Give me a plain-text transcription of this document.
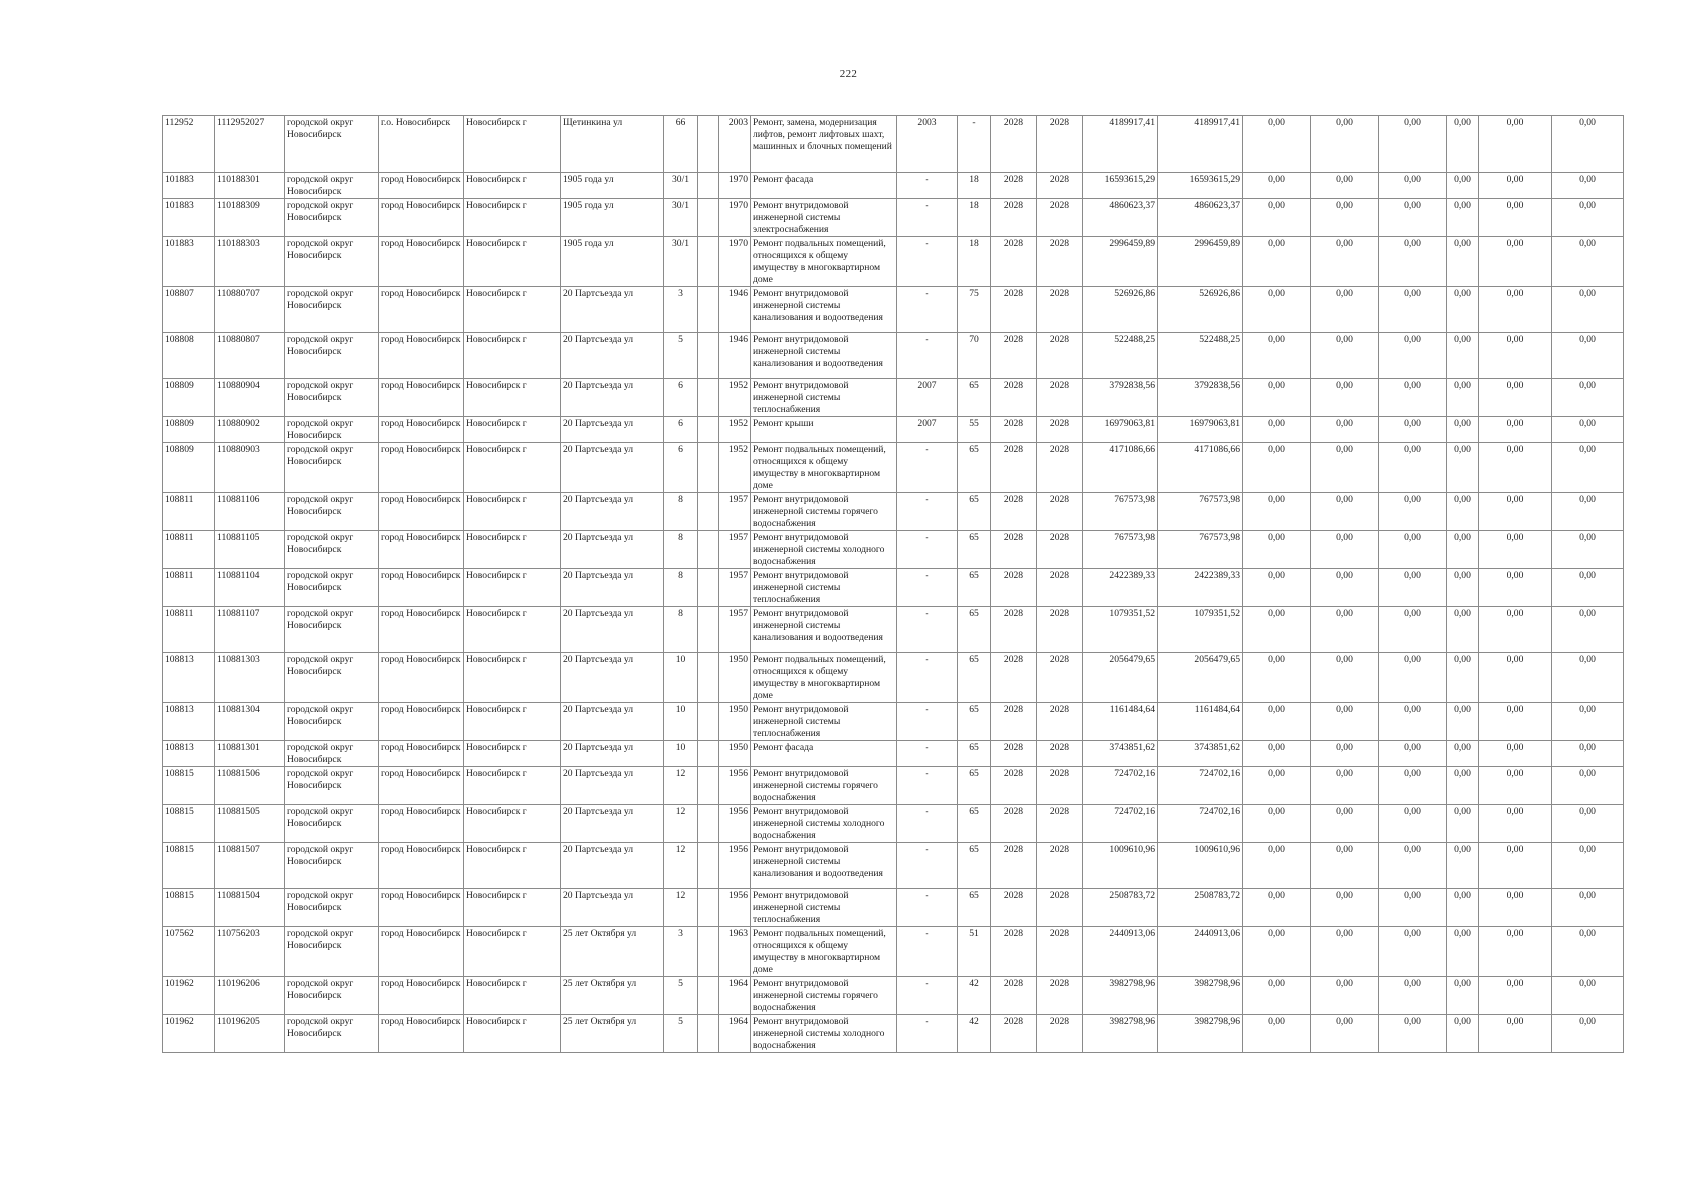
222
112952	1112952027	городской округ Новосибирск	г.о. Новосибирск	Новосибирск г	Щетинкина ул	66		2003	Ремонт, замена, модернизация лифтов, ремонт лифтовых шахт, машинных и блочных помещений	2003	-	2028	2028	4189917,41	4189917,41	0,00	0,00	0,00	0,00	0,00	0,00
101883	110188301	городской округ Новосибирск	город Новосибирск	Новосибирск г	1905 года ул	30/1		1970	Ремонт фасада	-	18	2028	2028	16593615,29	16593615,29	0,00	0,00	0,00	0,00	0,00	0,00
101883	110188309	городской округ Новосибирск	город Новосибирск	Новосибирск г	1905 года ул	30/1		1970	Ремонт внутридомовой инженерной системы электроснабжения	-	18	2028	2028	4860623,37	4860623,37	0,00	0,00	0,00	0,00	0,00	0,00
101883	110188303	городской округ Новосибирск	город Новосибирск	Новосибирск г	1905 года ул	30/1		1970	Ремонт подвальных помещений, относящихся к общему имуществу в многоквартирном доме	-	18	2028	2028	2996459,89	2996459,89	0,00	0,00	0,00	0,00	0,00	0,00
108807	110880707	городской округ Новосибирск	город Новосибирск	Новосибирск г	20 Партсъезда ул	3		1946	Ремонт внутридомовой инженерной системы канализования и водоотведения	-	75	2028	2028	526926,86	526926,86	0,00	0,00	0,00	0,00	0,00	0,00
108808	110880807	городской округ Новосибирск	город Новосибирск	Новосибирск г	20 Партсъезда ул	5		1946	Ремонт внутридомовой инженерной системы канализования и водоотведения	-	70	2028	2028	522488,25	522488,25	0,00	0,00	0,00	0,00	0,00	0,00
108809	110880904	городской округ Новосибирск	город Новосибирск	Новосибирск г	20 Партсъезда ул	6		1952	Ремонт внутридомовой инженерной системы теплоснабжения	2007	65	2028	2028	3792838,56	3792838,56	0,00	0,00	0,00	0,00	0,00	0,00
108809	110880902	городской округ Новосибирск	город Новосибирск	Новосибирск г	20 Партсъезда ул	6		1952	Ремонт крыши	2007	55	2028	2028	16979063,81	16979063,81	0,00	0,00	0,00	0,00	0,00	0,00
108809	110880903	городской округ Новосибирск	город Новосибирск	Новосибирск г	20 Партсъезда ул	6		1952	Ремонт подвальных помещений, относящихся к общему имуществу в многоквартирном доме	-	65	2028	2028	4171086,66	4171086,66	0,00	0,00	0,00	0,00	0,00	0,00
108811	110881106	городской округ Новосибирск	город Новосибирск	Новосибирск г	20 Партсъезда ул	8		1957	Ремонт внутридомовой инженерной системы горячего водоснабжения	-	65	2028	2028	767573,98	767573,98	0,00	0,00	0,00	0,00	0,00	0,00
108811	110881105	городской округ Новосибирск	город Новосибирск	Новосибирск г	20 Партсъезда ул	8		1957	Ремонт внутридомовой инженерной системы холодного водоснабжения	-	65	2028	2028	767573,98	767573,98	0,00	0,00	0,00	0,00	0,00	0,00
108811	110881104	городской округ Новосибирск	город Новосибирск	Новосибирск г	20 Партсъезда ул	8		1957	Ремонт внутридомовой инженерной системы теплоснабжения	-	65	2028	2028	2422389,33	2422389,33	0,00	0,00	0,00	0,00	0,00	0,00
108811	110881107	городской округ Новосибирск	город Новосибирск	Новосибирск г	20 Партсъезда ул	8		1957	Ремонт внутридомовой инженерной системы канализования и водоотведения	-	65	2028	2028	1079351,52	1079351,52	0,00	0,00	0,00	0,00	0,00	0,00
108813	110881303	городской округ Новосибирск	город Новосибирск	Новосибирск г	20 Партсъезда ул	10		1950	Ремонт подвальных помещений, относящихся к общему имуществу в многоквартирном доме	-	65	2028	2028	2056479,65	2056479,65	0,00	0,00	0,00	0,00	0,00	0,00
108813	110881304	городской округ Новосибирск	город Новосибирск	Новосибирск г	20 Партсъезда ул	10		1950	Ремонт внутридомовой инженерной системы теплоснабжения	-	65	2028	2028	1161484,64	1161484,64	0,00	0,00	0,00	0,00	0,00	0,00
108813	110881301	городской округ Новосибирск	город Новосибирск	Новосибирск г	20 Партсъезда ул	10		1950	Ремонт фасада	-	65	2028	2028	3743851,62	3743851,62	0,00	0,00	0,00	0,00	0,00	0,00
108815	110881506	городской округ Новосибирск	город Новосибирск	Новосибирск г	20 Партсъезда ул	12		1956	Ремонт внутридомовой инженерной системы горячего водоснабжения	-	65	2028	2028	724702,16	724702,16	0,00	0,00	0,00	0,00	0,00	0,00
108815	110881505	городской округ Новосибирск	город Новосибирск	Новосибирск г	20 Партсъезда ул	12		1956	Ремонт внутридомовой инженерной системы холодного водоснабжения	-	65	2028	2028	724702,16	724702,16	0,00	0,00	0,00	0,00	0,00	0,00
108815	110881507	городской округ Новосибирск	город Новосибирск	Новосибирск г	20 Партсъезда ул	12		1956	Ремонт внутридомовой инженерной системы канализования и водоотведения	-	65	2028	2028	1009610,96	1009610,96	0,00	0,00	0,00	0,00	0,00	0,00
108815	110881504	городской округ Новосибирск	город Новосибирск	Новосибирск г	20 Партсъезда ул	12		1956	Ремонт внутридомовой инженерной системы теплоснабжения	-	65	2028	2028	2508783,72	2508783,72	0,00	0,00	0,00	0,00	0,00	0,00
107562	110756203	городской округ Новосибирск	город Новосибирск	Новосибирск г	25 лет Октября ул	3		1963	Ремонт подвальных помещений, относящихся к общему имуществу в многоквартирном доме	-	51	2028	2028	2440913,06	2440913,06	0,00	0,00	0,00	0,00	0,00	0,00
101962	110196206	городской округ Новосибирск	город Новосибирск	Новосибирск г	25 лет Октября ул	5		1964	Ремонт внутридомовой инженерной системы горячего водоснабжения	-	42	2028	2028	3982798,96	3982798,96	0,00	0,00	0,00	0,00	0,00	0,00
101962	110196205	городской округ Новосибирск	город Новосибирск	Новосибирск г	25 лет Октября ул	5		1964	Ремонт внутридомовой инженерной системы холодного водоснабжения	-	42	2028	2028	3982798,96	3982798,96	0,00	0,00	0,00	0,00	0,00	0,00
